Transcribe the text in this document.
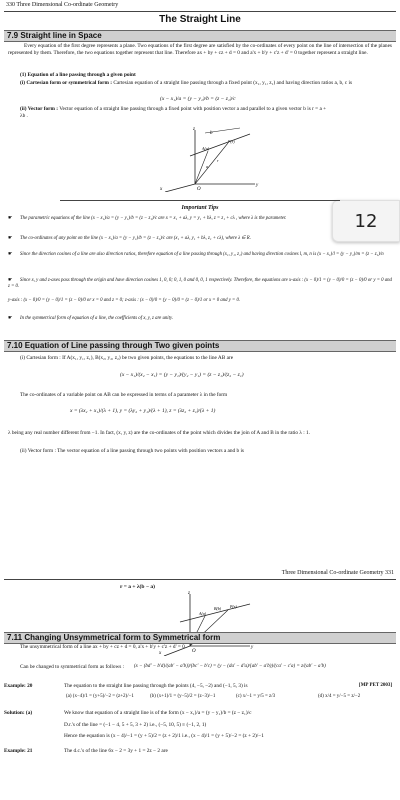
330 Three Dimensional Co-ordinate Geometry
The Straight Line
7.9 Straight line in Space
Every equation of the first degree represents a plane. Two equations of the first degree are satisfied by the co-ordinates of every point on the line of intersection of the planes represented by them. Therefore, the two equations together represent that line. Therefore ax + by + cz + d = 0 and a'x + b'y + c'z + d' = 0 together represent a straight line.
(1) Equation of a line passing through a given point
(i) Cartesian form or symmetrical form : Cartesian equation of a straight line passing through a fixed point (x₁, y₁, z₁) and having direction ratios a, b, c is
(x − x₁)/a = (y − y₁)/b = (z − z₁)/c
(ii) Vector form : Vector equation of a straight line passing through a fixed point with position vector a and parallel to a given vector b is r = a + λb .
z
y
x	O
b
A(a)
P(r)
a
r
12
Important Tips
☛ The parametric equations of the line (x − x₁)/a = (y − y₁)/b = (z − z₁)/c are x = x₁ + aλ, y = y₁ + bλ, z = z₁ + cλ , where λ is the parameter.
☛ The co-ordinates of any point on the line (x − x₁)/a = (y − y₁)/b = (z − z₁)/c are (x₁ + aλ, y₁ + bλ, z₁ + cλ), where λ ∈ R.
☛ Since the direction cosines of a line are also direction ratios, therefore equation of a line passing through (x₁, y₁, z₁) and having direction cosines l, m, n is (x − x₁)/l = (y − y₁)/m = (z − z₁)/n
☛ Since x, y and z-axes pass through the origin and have direction cosines 1, 0, 0; 0, 1, 0 and 0, 0, 1 respectively. Therefore, the equations are x-axis : (x − 0)/1 = (y − 0)/0 = (z − 0)/0 or y = 0 and z = 0.
y-axis : (x − 0)/0 = (y − 0)/1 = (z − 0)/0 or x = 0 and z = 0; z-axis : (x − 0)/0 = (y − 0)/0 = (z − 0)/1 or x = 0 and y = 0.
☛ In the symmetrical form of equation of a line, the coefficients of x, y, z are unity.
7.10 Equation of Line passing through Two given points
(i) Cartesian form : If A(x₁, y₁, z₁), B(x₂, y₂, z₂) be two given points, the equations to the line AB are
(x − x₁)/(x₂ − x₁) = (y − y₁)/(y₂ − y₁) = (z − z₁)/(z₂ − z₁)
The co-ordinates of a variable point on AB can be expressed in terms of a parameter λ in the form
x = (λx₂ + x₁)/(λ + 1), y = (λy₂ + y₁)/(λ + 1), z = (λz₂ + z₁)/(λ + 1)
λ being any real number different from −1. In fact, (x, y, z) are the co-ordinates of the point which divides the join of A and B in the ratio λ : 1.
(ii) Vector form : The vector equation of a line passing through two points with position vectors a and b is
Three Dimensional Co-ordinate Geometry 331
r = a + λ(b − a)
z
y
x	O
A(a)
B(b) P(r)
7.11 Changing Unsymmetrical form to Symmetrical form
The unsymmetrical form of a line ax + by + cz + d = 0, a'x + b'y + c'z + d' = 0
Can be changed to symmetrical form as follows :	(x − (bd' − b'd)/(ab' − a'b))/(bc' − b'c) = (y − (da' − d'a)/(ab' − a'b))/(ca' − c'a) = z/(ab' − a'b)
Example: 20	The equation to the straight line passing through the points (4, −5, −2) and (−1, 5, 3) is	[MP PET 2003]
(a) (x−4)/1 = (y+5)/−2 = (z+2)/−1	(b) (x+1)/1 = (y−5)/2 = (z−3)/−1	(c) x/−1 = y/5 = z/3	(d) x/4 = y/−5 = z/−2
Solution: (a)	We know that equation of a straight line is of the form (x − x₁)/a = (y − y₁)/b = (z − z₁)/c
D.r.'s of the line = (−1 − 4, 5 + 5, 3 + 2) i.e., (−5, 10, 5) ≡ (−1, 2, 1)
Hence the equation is (x − 4)/−1 = (y + 5)/2 = (z + 2)/1 i.e., (x − 4)/1 = (y + 5)/−2 = (z + 2)/−1
Example: 21	The d.c.'s of the line 6x − 2 = 3y + 1 = 2z − 2 are
